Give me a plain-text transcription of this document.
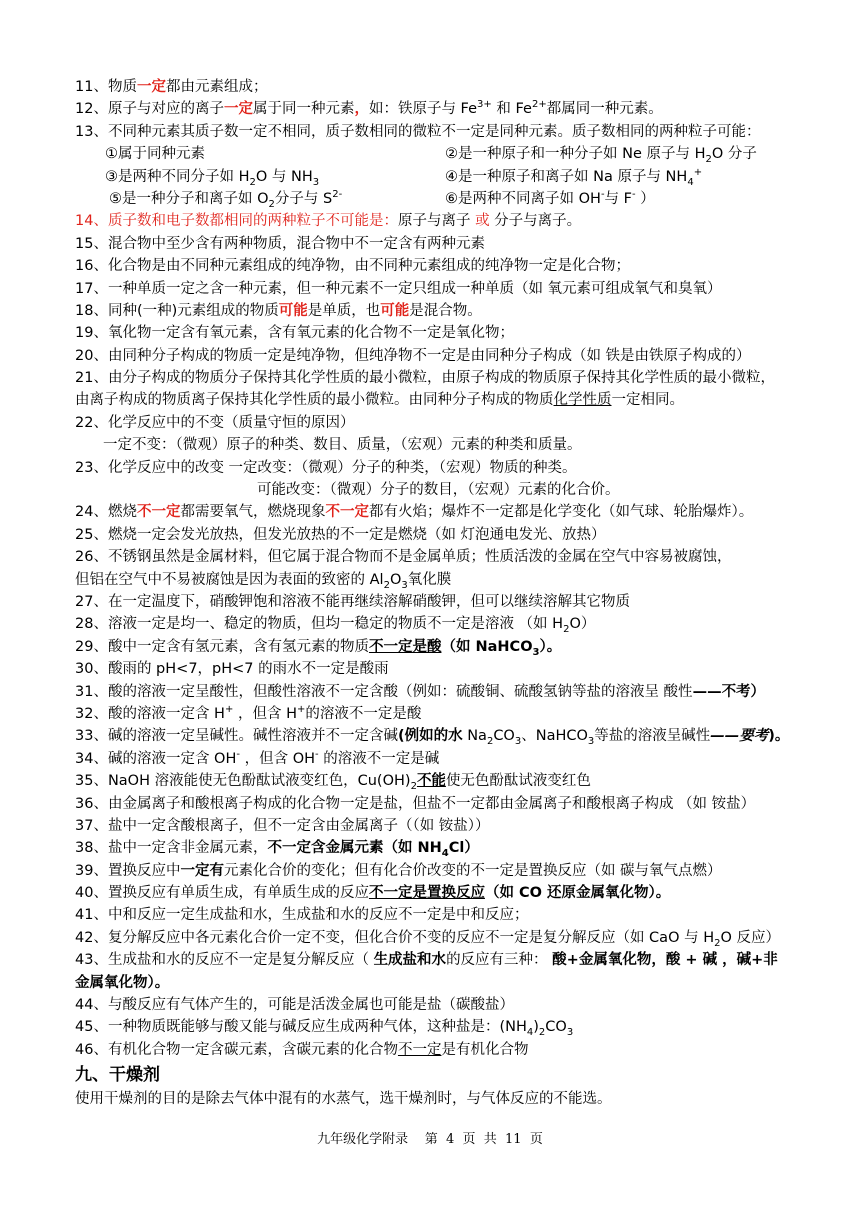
11、物质一定都由元素组成；
12、原子与对应的离子一定属于同一种元素，如：铁原子与 $Fe^{3+}$ 和 $Fe^{2+}$都属同一种元素。
13、不同种元素其质子数一定不相同，质子数相同的微粒不一定是同种元素。质子数相同的两种粒子可能：
①属于同种元素	②是一种原子和一种分子如 Ne 原子与 $H_2O$ 分子
③是两种不同分子如 $H_2O$ 与 $NH_3$	④是一种原子和离子如 Na 原子与 $NH_4^+$
⑤是一种分子和离子如 $O_2$分子与 $S^{2-}$	⑥是两种不同离子如 OH-与 F- ）
14、质子数和电子数都相同的两种粒子不可能是：原子与离子 或 分子与离子。
15、混合物中至少含有两种物质，混合物中不一定含有两种元素
16、化合物是由不同种元素组成的纯净物，由不同种元素组成的纯净物一定是化合物；
17、一种单质一定之含一种元素，但一种元素不一定只组成一种单质（如 氧元素可组成氧气和臭氧）
18、同种(一种)元素组成的物质可能是单质，也可能是混合物。
19、氧化物一定含有氧元素，含有氧元素的化合物不一定是氧化物；
20、由同种分子构成的物质一定是纯净物，但纯净物不一定是由同种分子构成（如 铁是由铁原子构成的）
21、由分子构成的物质分子保持其化学性质的最小微粒，由原子构成的物质原子保持其化学性质的最小微粒，
由离子构成的物质离子保持其化学性质的最小微粒。由同种分子构成的物质化学性质一定相同。
22、化学反应中的不变（质量守恒的原因）
一定不变：（微观）原子的种类、数目、质量，（宏观）元素的种类和质量。
23、化学反应中的改变 一定改变：（微观）分子的种类，（宏观）物质的种类。
可能改变：（微观）分子的数目，（宏观）元素的化合价。
24、燃烧不一定都需要氧气，燃烧现象不一定都有火焰；爆炸不一定都是化学变化（如气球、轮胎爆炸）。
25、燃烧一定会发光放热，但发光放热的不一定是燃烧（如 灯泡通电发光、放热）
26、不锈钢虽然是金属材料，但它属于混合物而不是金属单质；性质活泼的金属在空气中容易被腐蚀，
但铝在空气中不易被腐蚀是因为表面的致密的 $Al_2O_3$氧化膜
27、在一定温度下，硝酸钾饱和溶液不能再继续溶解硝酸钾，但可以继续溶解其它物质
28、溶液一定是均一、稳定的物质，但均一稳定的物质不一定是溶液 （如 $H_2O$）
29、酸中一定含有氢元素，含有氢元素的物质不一定是酸（如 NaHCO$_3$）。
30、酸雨的 pH<7，pH<7 的雨水不一定是酸雨
31、酸的溶液一定呈酸性，但酸性溶液不一定含酸（例如：硫酸铜、硫酸氢钠等盐的溶液呈 酸性——不考）
32、酸的溶液一定含 H+ ，但含 H+的溶液不一定是酸
33、碱的溶液一定呈碱性。碱性溶液并不一定含碱(例如的水 $Na_2CO_3$、NaHCO$_3$等盐的溶液呈碱性——要考)。
34、碱的溶液一定含 OH- ，但含 OH- 的溶液不一定是碱
35、NaOH 溶液能使无色酚酞试液变红色，$Cu(OH)_2$不能使无色酚酞试液变红色
36、由金属离子和酸根离子构成的化合物一定是盐，但盐不一定都由金属离子和酸根离子构成 （如 铵盐）
37、盐中一定含酸根离子，但不一定含由金属离子（（如 铵盐））
38、盐中一定含非金属元素，不一定含金属元素（如 $NH_4Cl$）
39、置换反应中一定有元素化合价的变化；但有化合价改变的不一定是置换反应（如 碳与氧气点燃）
40、置换反应有单质生成，有单质生成的反应不一定是置换反应（如 CO 还原金属氧化物）。
41、中和反应一定生成盐和水，生成盐和水的反应不一定是中和反应；
42、复分解反应中各元素化合价一定不变，但化合价不变的反应不一定是复分解反应（如 CaO 与 $H_2O$ 反应）
43、生成盐和水的反应不一定是复分解反应（ 生成盐和水的反应有三种： 酸+金属氧化物，酸 + 碱 ，碱+非
金属氧化物）。
44、与酸反应有气体产生的，可能是活泼金属也可能是盐（碳酸盐）
45、一种物质既能够与酸又能与碱反应生成两种气体，这种盐是：$(NH_4)_2CO_3$
46、有机化合物一定含碳元素，含碳元素的化合物不一定是有机化合物
九、干燥剂
使用干燥剂的目的是除去气体中混有的水蒸气，选干燥剂时，与气体反应的不能选。
九年级化学附录 第  4  页  共  11  页
